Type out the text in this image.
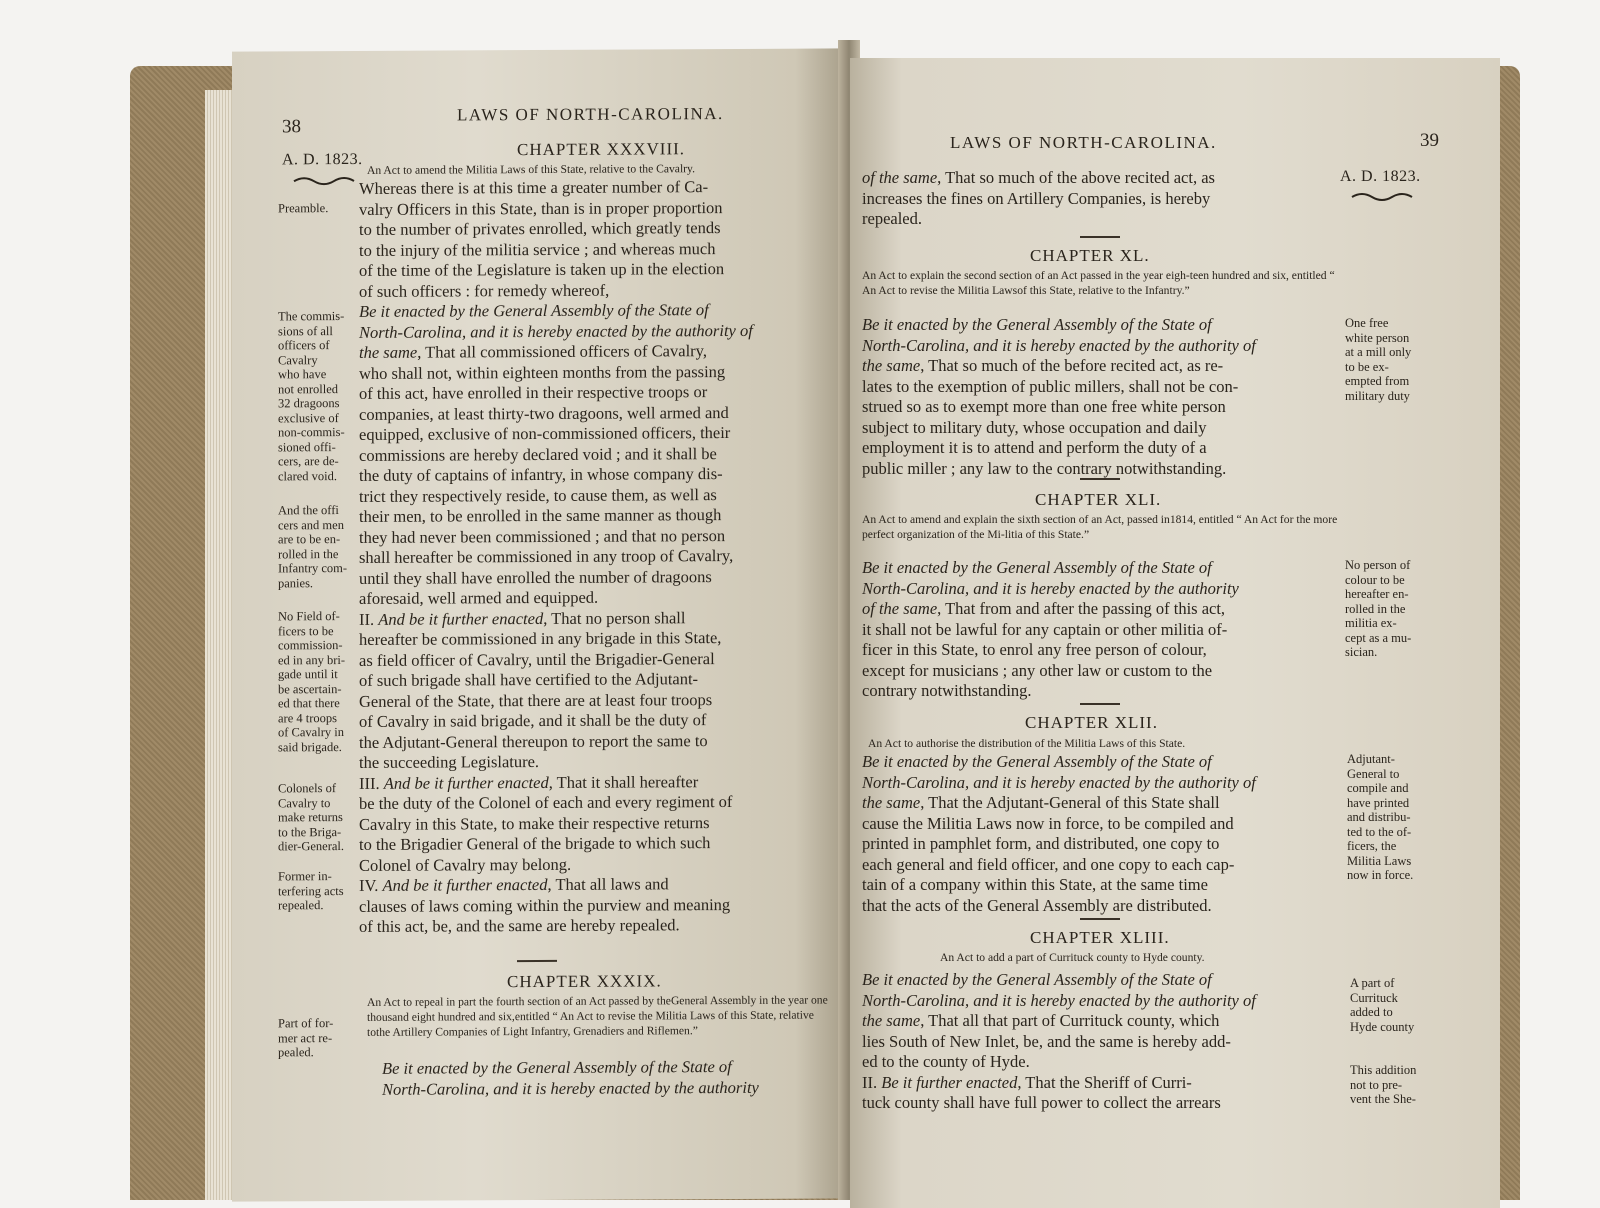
38
LAWS OF NORTH-CAROLINA.
A. D. 1823.
CHAPTER XXXVIII.
An Act to amend the Militia Laws of this State, relative to the Cavalry.
Whereas there is at this time a greater number of Ca-
valry Officers in this State, than is in proper proportion
to the number of privates enrolled, which greatly tends
to the injury of the militia service ; and whereas much
of the time of the Legislature is taken up in the election
of such officers : for remedy whereof,
Be it enacted by the General Assembly of the State of
North-Carolina, and it is hereby enacted by the authority of
the same, That all commissioned officers of Cavalry,
who shall not, within eighteen months from the passing
of this act, have enrolled in their respective troops or
companies, at least thirty-two dragoons, well armed and
equipped, exclusive of non-commissioned officers, their
commissions are hereby declared void ; and it shall be
the duty of captains of infantry, in whose company dis-
trict they respectively reside, to cause them, as well as
their men, to be enrolled in the same manner as though
they had never been commissioned ; and that no person
shall hereafter be commissioned in any troop of Cavalry,
until they shall have enrolled the number of dragoons
aforesaid, well armed and equipped.
II. And be it further enacted, That no person shall
hereafter be commissioned in any brigade in this State,
as field officer of Cavalry, until the Brigadier-General
of such brigade shall have certified to the Adjutant-
General of the State, that there are at least four troops
of Cavalry in said brigade, and it shall be the duty of
the Adjutant-General thereupon to report the same to
the succeeding Legislature.
III. And be it further enacted, That it shall hereafter
be the duty of the Colonel of each and every regiment of
Cavalry in this State, to make their respective returns
to the Brigadier General of the brigade to which such
Colonel of Cavalry may belong.
IV. And be it further enacted, That all laws and
clauses of laws coming within the purview and meaning
of this act, be, and the same are hereby repealed.
Preamble.
The commis-
sions of all
officers of
Cavalry
who have
not enrolled
32 dragoons
exclusive of
non-commis-
sioned offi-
cers, are de-
clared void.
And the offi
cers and men
are to be en-
rolled in the
Infantry com-
panies.
No Field of-
ficers to be
commission-
ed in any bri-
gade until it
be ascertain-
ed that there
are 4 troops
of Cavalry in
said brigade.
Colonels of
Cavalry to
make returns
to the Briga-
dier-General.
Former in-
terfering acts
repealed.
Part of for-
mer act re-
pealed.
CHAPTER XXXIX.
An Act to repeal in part the fourth section of an Act passed by theGeneral Assembly in the year one thousand eight hundred and six,entitled “ An Act to revise the Militia Laws of this State, relative tothe Artillery Companies of Light Infantry, Grenadiers and Riflemen.”
Be it enacted by the General Assembly of the State of
North-Carolina, and it is hereby enacted by the authority
LAWS OF NORTH-CAROLINA.	39
of the same, That so much of the above recited act, as
increases the fines on Artillery Companies, is hereby
repealed.
A. D. 1823.
CHAPTER XL.
An Act to explain the second section of an Act passed in the year eigh-teen hundred and six, entitled “ An Act to revise the Militia Lawsof this State, relative to the Infantry.”
Be it enacted by the General Assembly of the State of
North-Carolina, and it is hereby enacted by the authority of
the same, That so much of the before recited act, as re-
lates to the exemption of public millers, shall not be con-
strued so as to exempt more than one free white person
subject to military duty, whose occupation and daily
employment it is to attend and perform the duty of a
public miller ; any law to the contrary notwithstanding.
One free
white person
at a mill only
to be ex-
empted from
military duty
CHAPTER XLI.
An Act to amend and explain the sixth section of an Act, passed in1814, entitled “ An Act for the more perfect organization of the Mi-litia of this State.”
Be it enacted by the General Assembly of the State of
North-Carolina, and it is hereby enacted by the authority
of the same, That from and after the passing of this act,
it shall not be lawful for any captain or other militia of-
ficer in this State, to enrol any free person of colour,
except for musicians ; any other law or custom to the
contrary notwithstanding.
No person of
colour to be
hereafter en-
rolled in the
militia ex-
cept as a mu-
sician.
CHAPTER XLII.
An Act to authorise the distribution of the Militia Laws of this State.
Be it enacted by the General Assembly of the State of
North-Carolina, and it is hereby enacted by the authority of
the same, That the Adjutant-General of this State shall
cause the Militia Laws now in force, to be compiled and
printed in pamphlet form, and distributed, one copy to
each general and field officer, and one copy to each cap-
tain of a company within this State, at the same time
that the acts of the General Assembly are distributed.
Adjutant-
General to
compile and
have printed
and distribu-
ted to the of-
ficers, the
Militia Laws
now in force.
CHAPTER XLIII.
An Act to add a part of Currituck county to Hyde county.
Be it enacted by the General Assembly of the State of
North-Carolina, and it is hereby enacted by the authority of
the same, That all that part of Currituck county, which
lies South of New Inlet, be, and the same is hereby add-
ed to the county of Hyde.
II. Be it further enacted, That the Sheriff of Curri-
tuck county shall have full power to collect the arrears
A part of
Currituck
added to
Hyde county
This addition
not to pre-
vent the She-
